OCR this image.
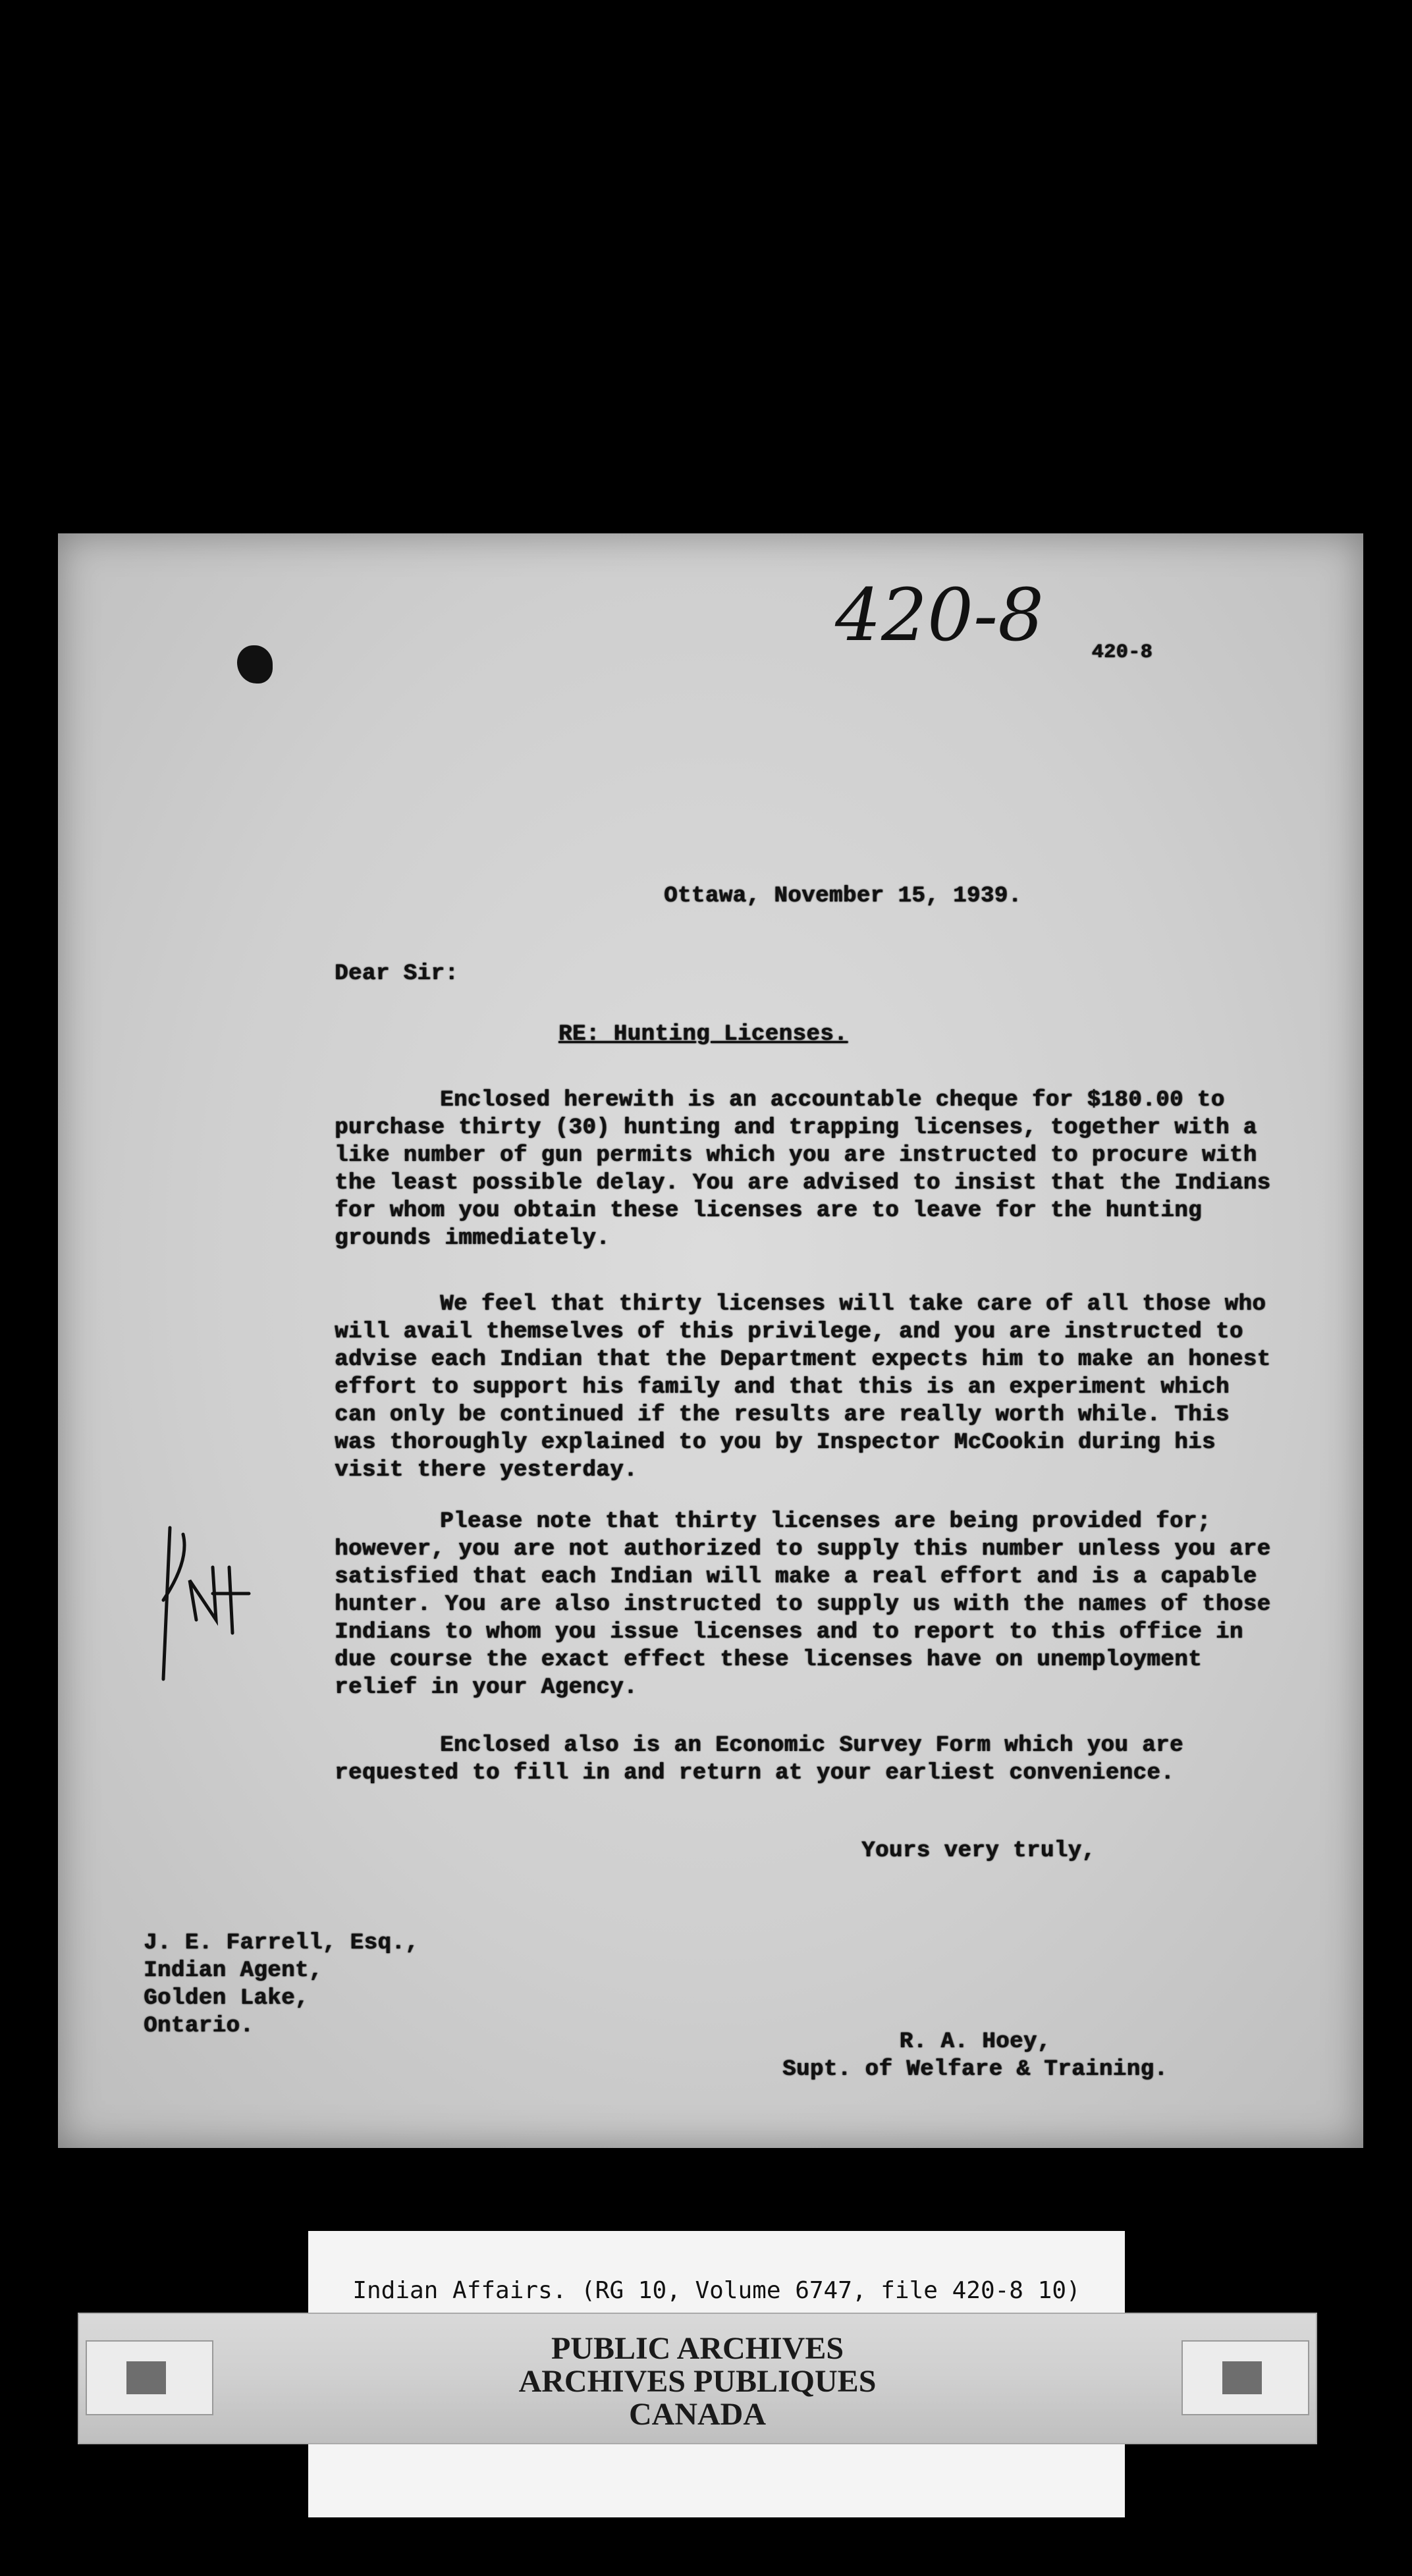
420-8 420-8
Ottawa, November 15, 1939.
Dear Sir:
RE: Hunting Licenses.

Enclosed herewith is an accountable cheque for $180.00 to purchase thirty (30) hunting and trapping licenses, together with a like number of gun permits which you are instructed to procure with the least possible delay. You are advised to insist that the Indians for whom you obtain these licenses are to leave for the hunting grounds immediately.

We feel that thirty licenses will take care of all those who will avail themselves of this privilege, and you are instructed to advise each Indian that the Department expects him to make an honest effort to support his family and that this is an experiment which can only be continued if the results are really worth while. This was thoroughly explained to you by Inspector McCookin during his visit there yesterday.

Please note that thirty licenses are being provided for; however, you are not authorized to supply this number unless you are satisfied that each Indian will make a real effort and is a capable hunter. You are also instructed to supply us with the names of those Indians to whom you issue licenses and to report to this office in due course the exact effect these licenses have on unemployment relief in your Agency.

Enclosed also is an Economic Survey Form which you are requested to fill in and return at your earliest convenience.

Yours very truly,
J. E. Farrell, Esq.,
Indian Agent,
Golden Lake,
Ontario.
R. A. Hoey,
Supt. of Welfare & Training.
Indian Affairs. (RG 10, Volume 6747, file 420-8 10)
PUBLIC ARCHIVES
ARCHIVES PUBLIQUES
CANADA
